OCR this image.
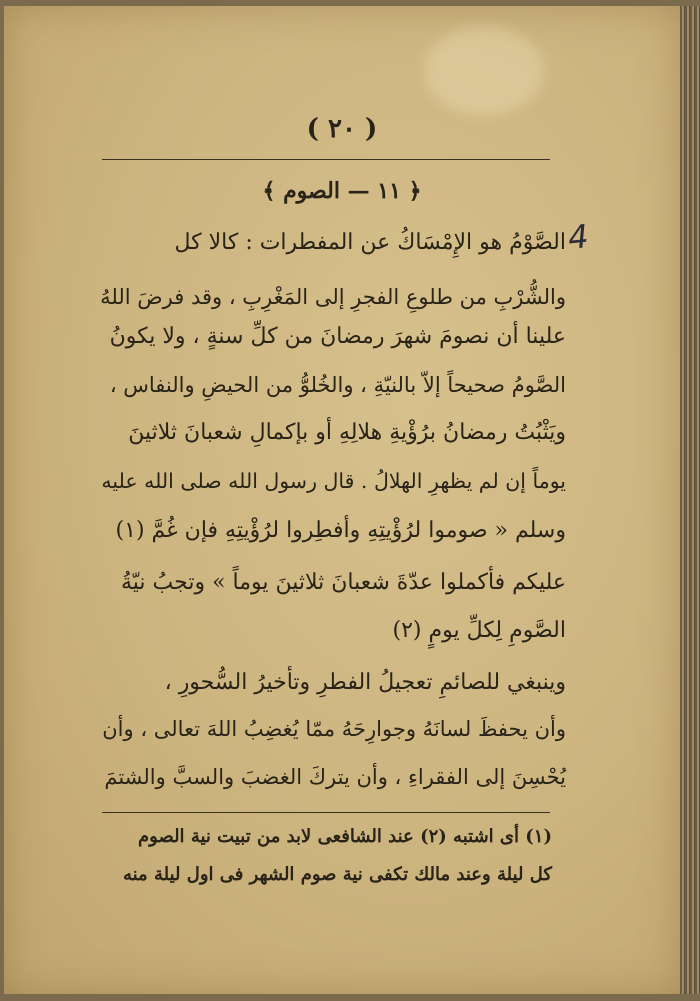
( ٢٠ )
﴿ ١١ — الصوم ﴾
4
الصَّوْمُ هو الإِمْسَاكُ عن المفطرات : كالا كل
والشُّرْبِ من طلوعِ الفجرِ إلى المَغْرِبِ ، وقد فرضَ اللهُ
علينا أن نصومَ شهرَ رمضانَ من كلِّ سنةٍ ، ولا يكونُ
الصَّومُ صحيحاً إلاّ بالنيّةِ ، والخُلوُّ من الحيضِ والنفاس ،
ويَثْبُتُ رمضانُ برُؤْيةِ هلالِهِ أو بإكمالِ شعبانَ ثلاثينَ
يوماً إن لم يظهرِ الهلالُ . قال رسول الله صلى الله عليه
وسلم « صوموا لرُؤْيتِهِ وأفطِروا لرُؤْيتِهِ فإن غُمَّ (١)
عليكم فأكملوا عدّةَ شعبانَ ثلاثينَ يوماً » وتجبُ نيّةُ
الصَّومِ لِكلِّ يومٍ (٢)
وينبغي للصائمِ تعجيلُ الفطرِ وتأخيرُ السُّحورِ ،
وأن يحفظَ لسانَهُ وجوارِحَهُ ممّا يُغضِبُ اللهَ تعالى ، وأن
يُحْسِنَ إلى الفقراءِ ، وأن يتركَ الغضبَ والسبَّ والشتمَ
(١) أى اشتبه (٢) عند الشافعى لابد من تبيت نية الصوم
كل ليلة وعند مالك تكفى نية صوم الشهر فى اول ليلة منه
